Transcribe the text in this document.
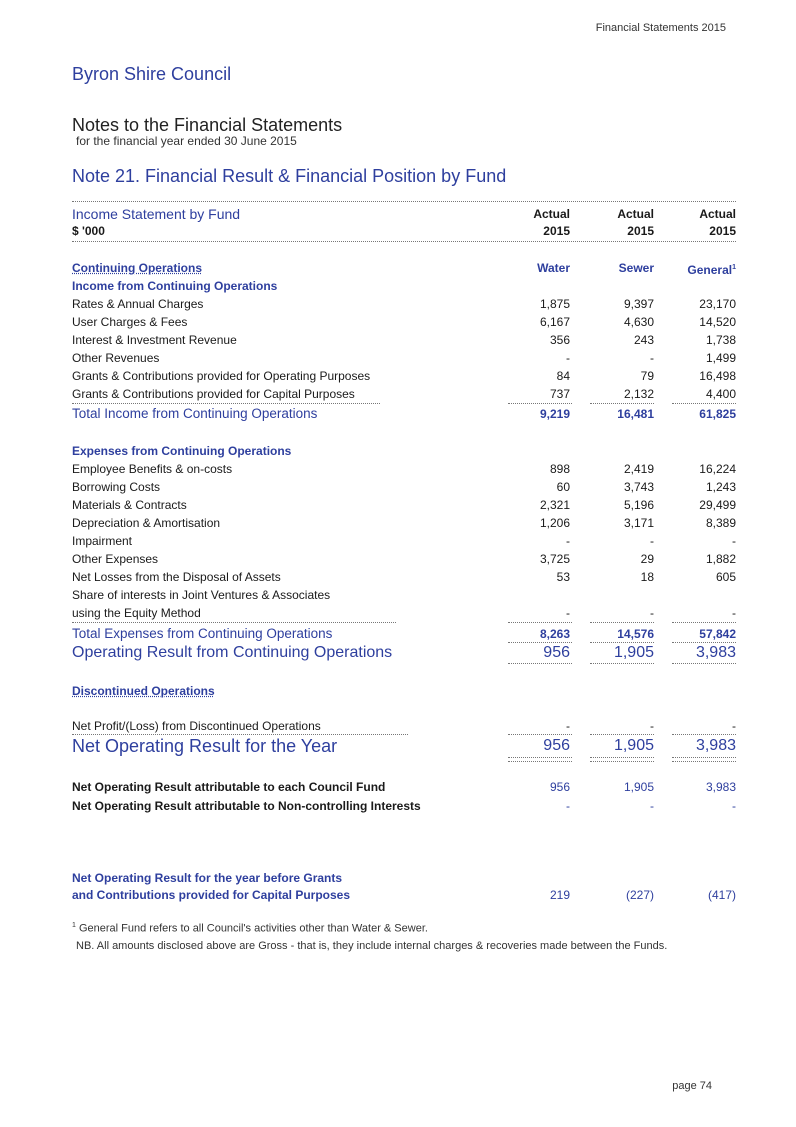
Financial Statements 2015
Byron Shire Council
Notes to the Financial Statements
for the financial year ended 30 June 2015
Note 21. Financial Result & Financial Position by Fund
Income Statement by Fund	Actual	Actual	Actual
$ '000	2015	2015	2015
Continuing Operations	Water	Sewer	General$^1$
Income from Continuing Operations
Rates & Annual Charges	1,875	9,397	23,170
User Charges & Fees	6,167	4,630	14,520
Interest & Investment Revenue	356	243	1,738
Other Revenues	-	-	1,499
Grants & Contributions provided for Operating Purposes	84	79	16,498
Grants & Contributions provided for Capital Purposes	737	2,132	4,400
Total Income from Continuing Operations	9,219	16,481	61,825
Expenses from Continuing Operations
Employee Benefits & on-costs	898	2,419	16,224
Borrowing Costs	60	3,743	1,243
Materials & Contracts	2,321	5,196	29,499
Depreciation & Amortisation	1,206	3,171	8,389
Impairment	-	-	-
Other Expenses	3,725	29	1,882
Net Losses from the Disposal of Assets	53	18	605
Share of interests in Joint Ventures & Associates
using the Equity Method	-	-	-
Total Expenses from Continuing Operations	8,263	14,576	57,842
Operating Result from Continuing Operations	956	1,905	3,983
Discontinued Operations
Net Profit/(Loss) from Discontinued Operations	-	-	-
Net Operating Result for the Year	956	1,905	3,983
Net Operating Result attributable to each Council Fund	956	1,905	3,983
Net Operating Result attributable to Non-controlling Interests	-	-	-
Net Operating Result for the year before Grants
and Contributions provided for Capital Purposes	219	(227)	(417)
$^1$ General Fund refers to all Council's activities other than Water & Sewer.
NB. All amounts disclosed above are Gross - that is, they include internal charges & recoveries made between the Funds.
page 74
